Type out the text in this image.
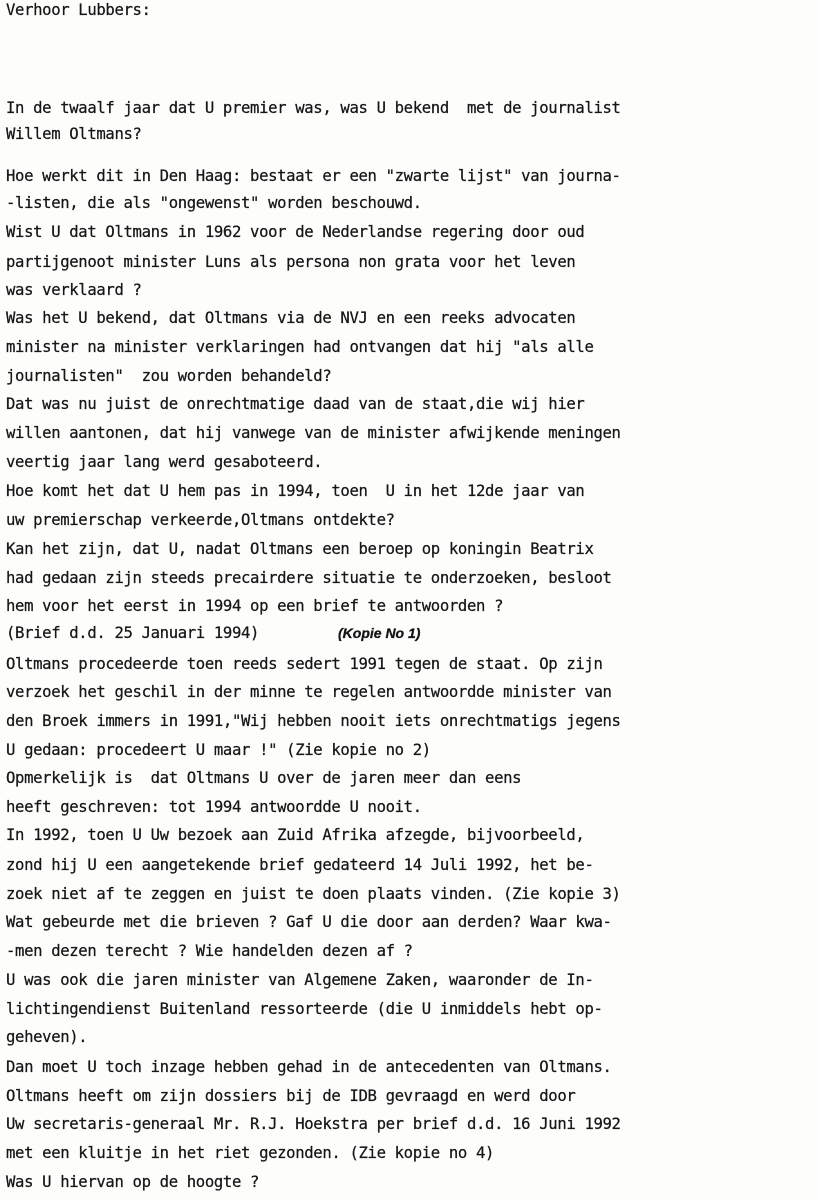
Verhoor Lubbers:
In de twaalf jaar dat U premier was, was U bekend  met de journalist
Willem Oltmans?
Hoe werkt dit in Den Haag: bestaat er een "zwarte lijst" van journa-
-listen, die als "ongewenst" worden beschouwd.
Wist U dat Oltmans in 1962 voor de Nederlandse regering door oud
partijgenoot minister Luns als persona non grata voor het leven
was verklaard ?
Was het U bekend, dat Oltmans via de NVJ en een reeks advocaten
minister na minister verklaringen had ontvangen dat hij "als alle
journalisten"  zou worden behandeld?
Dat was nu juist de onrechtmatige daad van de staat,die wij hier
willen aantonen, dat hij vanwege van de minister afwijkende meningen
veertig jaar lang werd gesaboteerd.
Hoe komt het dat U hem pas in 1994, toen  U in het 12de jaar van
uw premierschap verkeerde,Oltmans ontdekte?
Kan het zijn, dat U, nadat Oltmans een beroep op koningin Beatrix
had gedaan zijn steeds precairdere situatie te onderzoeken, besloot
hem voor het eerst in 1994 op een brief te antwoorden ?
(Brief d.d. 25 Januari 1994)
Oltmans procedeerde toen reeds sedert 1991 tegen de staat. Op zijn
verzoek het geschil in der minne te regelen antwoordde minister van
den Broek immers in 1991,"Wij hebben nooit iets onrechtmatigs jegens
U gedaan: procedeert U maar !" (Zie kopie no 2)
Opmerkelijk is  dat Oltmans U over de jaren meer dan eens
heeft geschreven: tot 1994 antwoordde U nooit.
In 1992, toen U Uw bezoek aan Zuid Afrika afzegde, bijvoorbeeld,
zond hij U een aangetekende brief gedateerd 14 Juli 1992, het be-
zoek niet af te zeggen en juist te doen plaats vinden. (Zie kopie 3)
Wat gebeurde met die brieven ? Gaf U die door aan derden? Waar kwa-
-men dezen terecht ? Wie handelden dezen af ?
U was ook die jaren minister van Algemene Zaken, waaronder de In-
lichtingendienst Buitenland ressorteerde (die U inmiddels hebt op-
geheven).
Dan moet U toch inzage hebben gehad in de antecedenten van Oltmans.
Oltmans heeft om zijn dossiers bij de IDB gevraagd en werd door
Uw secretaris-generaal Mr. R.J. Hoekstra per brief d.d. 16 Juni 1992
met een kluitje in het riet gezonden. (Zie kopie no 4)
Was U hiervan op de hoogte ?
(Kopie No 1)
